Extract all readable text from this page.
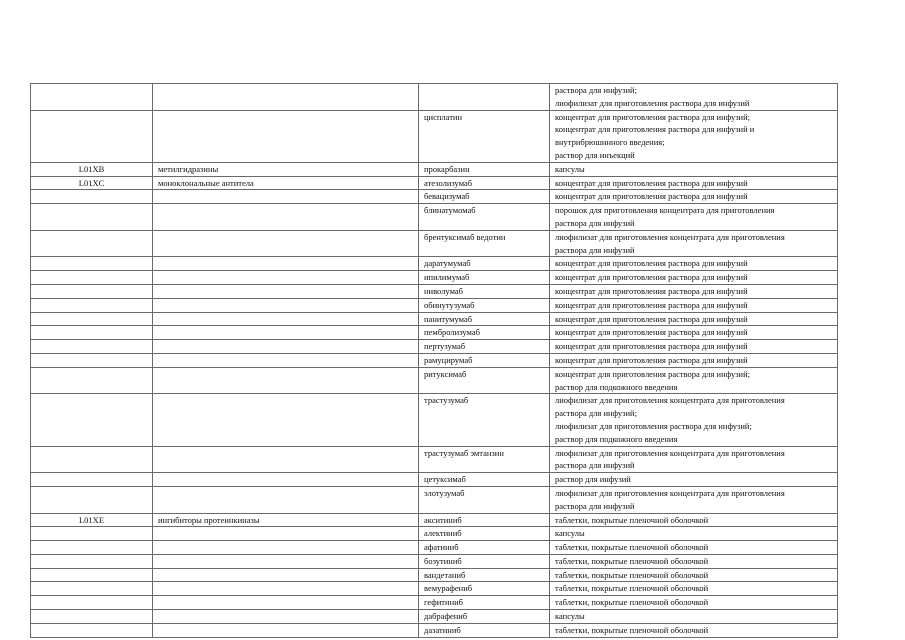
			раствора для инфузий;
лиофилизат для приготовления раствора для инфузий

		цисплатин	концентрат для приготовления раствора для инфузий;
концентрат для приготовления раствора для инфузий и
внутрибрюшинного введения;
раствор для инъекций

L01XB	метилгидразины	прокарбазин	капсулы

L01XC	моноклональные антитела	атезолизумаб	концентрат для приготовления раствора для инфузий

		бевацизумаб	концентрат для приготовления раствора для инфузий

		блинатумомаб	порошок для приготовления концентрата для приготовления
раствора для инфузий

		брентуксимаб ведотин	лиофилизат для приготовления концентрата для приготовления
раствора для инфузий

		даратумумаб	концентрат для приготовления раствора для инфузий

		ипилимумаб	концентрат для приготовления раствора для инфузий

		ниволумаб	концентрат для приготовления раствора для инфузий

		обинутузумаб	концентрат для приготовления раствора для инфузий

		панитумумаб	концентрат для приготовления раствора для инфузий

		пембролизумаб	концентрат для приготовления раствора для инфузий

		пертузумаб	концентрат для приготовления раствора для инфузий

		рамуцирумаб	концентрат для приготовления раствора для инфузий

		ритуксимаб	концентрат для приготовления раствора для инфузий;
раствор для подкожного введения

		трастузумаб	лиофилизат для приготовления концентрата для приготовления
раствора для инфузий;
лиофилизат для приготовления раствора для инфузий;
раствор для подкожного введения

		трастузумаб эмтанзин	лиофилизат для приготовления концентрата для приготовления
раствора для инфузий

		цетуксимаб	раствор для инфузий

		элотузумаб	лиофилизат для приготовления концентрата для приготовления
раствора для инфузий

L01XE	ингибиторы протеинкиназы	акситиниб	таблетки, покрытые пленочной оболочкой

		алектиниб	капсулы

		афатиниб	таблетки, покрытые пленочной оболочкой

		бозутиниб	таблетки, покрытые пленочной оболочкой

		вандетаниб	таблетки, покрытые пленочной оболочкой

		вемурафениб	таблетки, покрытые пленочной оболочкой

		гефитиниб	таблетки, покрытые пленочной оболочкой

		дабрафениб	капсулы

		дазатиниб	таблетки, покрытые пленочной оболочкой
